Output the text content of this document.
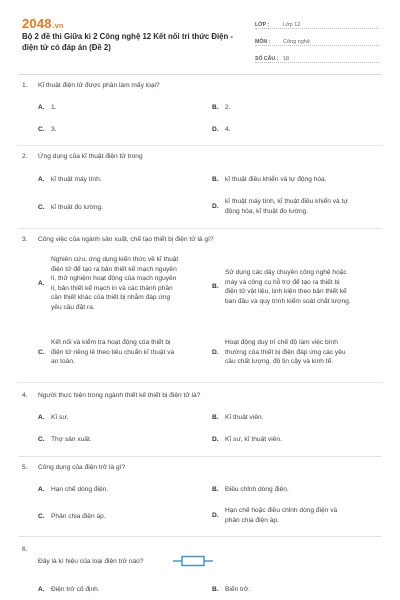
2048.vn
Bộ 2 đề thi Giữa kì 2 Công nghệ 12 Kết nối tri thức Điện - điện tử có đáp án (Đề 2)
LỚP :	Lớp 12
MÔN :	Công nghệ
SỐ CÂU : 18
1. Kĩ thuật điện tử được phân làm mấy loại?
A. 1.	B. 2.
C. 3.	D. 4.
2. Ứng dụng của kĩ thuật điện tử trong
A. kĩ thuật máy tính.	B. kĩ thuật điều khiển và tự động hóa.
C. kĩ thuật đo lường.	D.
kĩ thuật máy tính, kĩ thuật điều khiển và tự
động hóa, kĩ thuật đo lường.
3. Công việc của ngành sản xuất, chế tạo thiết bị điện tử là gì?
A.
Nghiên cứu, ứng dụng kiến thức về kĩ thuật
điện tử để tạo ra bản thiết kế mạch nguyên
lí, thử nghiệm hoạt động của mạch nguyên
lí, bản thiết kế mạch in và các thành phần
cần thiết khác của thiết bị nhằm đáp ứng
yêu cầu đặt ra.
B.
Sử dụng các dây chuyền công nghệ hoặc
máy và công cụ hỗ trợ để tạo ra thiết bị
điện tử vật liệu, linh kiện theo bản thiết kế
ban đầu và quy trình kiểm soát chất lượng.
C.
Kết nối và kiểm tra hoạt động của thiết bị
điện tử riêng lẻ theo tiêu chuẩn kĩ thuật và
an toàn.
D.
Hoạt động duy trì chế độ làm việc bình
thường của thiết bị điện đáp ứng các yêu
cầu chất lượng, độ tin cậy và kinh tế.
4. Người thực hiện trong ngành thiết kế thiết bị điện tử là?
A. Kĩ sư.	B. Kĩ thuật viên.
C. Thợ sản xuất.	D. Kĩ sư, kĩ thuật viên.
5. Công dụng của điện trở là gì?
A. Hạn chế dòng điện.	B. Điều chỉnh dòng điện.
C. Phân chia điện áp.	D.
Hạn chế hoặc điều chỉnh dòng điện và
phân chia điện áp.
6.
Đây là kí hiệu của loại điện trở nào?
A. Điện trở cố định.	B. Biến trở.
